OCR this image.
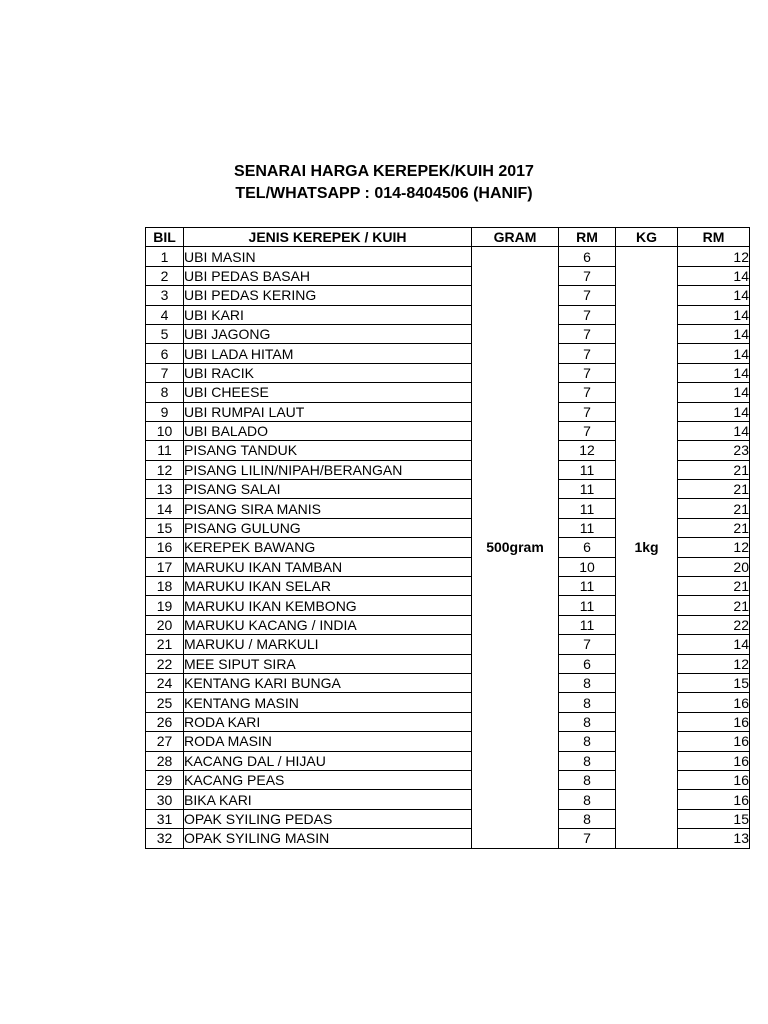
SENARAI HARGA KEREPEK/KUIH 2017
TEL/WHATSAPP : 014-8404506 (HANIF)
BIL	JENIS KEREPEK / KUIH	GRAM	RM	KG	RM
1	UBI MASIN	500gram	6	1kg	12
2	UBI PEDAS BASAH		7		14
3	UBI PEDAS KERING		7		14
4	UBI KARI		7		14
5	UBI JAGONG		7		14
6	UBI LADA HITAM		7		14
7	UBI RACIK		7		14
8	UBI CHEESE		7		14
9	UBI RUMPAI LAUT		7		14
10	UBI BALADO		7		14
11	PISANG TANDUK		12		23
12	PISANG LILIN/NIPAH/BERANGAN		11		21
13	PISANG SALAI		11		21
14	PISANG SIRA MANIS		11		21
15	PISANG GULUNG		11		21
16	KEREPEK BAWANG		6		12
17	MARUKU IKAN TAMBAN		10		20
18	MARUKU IKAN SELAR		11		21
19	MARUKU IKAN KEMBONG		11		21
20	MARUKU KACANG / INDIA		11		22
21	MARUKU / MARKULI		7		14
22	MEE SIPUT SIRA		6		12
24	KENTANG KARI BUNGA		8		15
25	KENTANG MASIN		8		16
26	RODA KARI		8		16
27	RODA MASIN		8		16
28	KACANG DAL / HIJAU		8		16
29	KACANG PEAS		8		16
30	BIKA KARI		8		16
31	OPAK SYILING PEDAS		8		15
32	OPAK SYILING MASIN		7		13
